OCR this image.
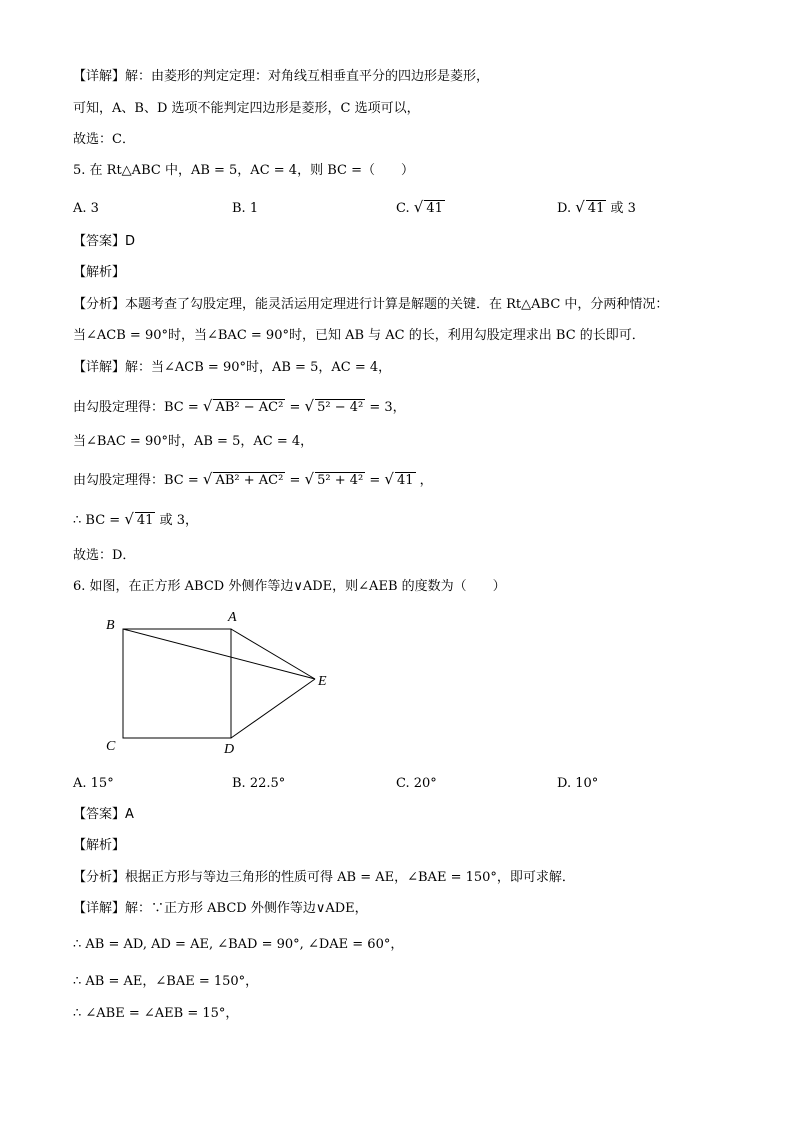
【详解】解：由菱形的判定定理：对角线互相垂直平分的四边形是菱形，
可知，A、B、D 选项不能判定四边形是菱形，C 选项可以，
故选：C．
5. 在 Rt△ABC 中，AB = 5，AC = 4，则 BC =（　　）
A. 3	B. 1	C. √ 41	D. √ 41 或 3
【答案】D
【解析】
【分析】本题考查了勾股定理，能灵活运用定理进行计算是解题的关键．在 Rt△ABC 中，分两种情况：
当∠ACB = 90°时，当∠BAC = 90°时，已知 AB 与 AC 的长，利用勾股定理求出 BC 的长即可．
【详解】解：当∠ACB = 90°时，AB = 5，AC = 4，
由勾股定理得：BC = √ AB² − AC² = √ 5² − 4² = 3，
当∠BAC = 90°时，AB = 5，AC = 4，
由勾股定理得：BC = √ AB² + AC² = √ 5² + 4² = √ 41 ，
∴ BC = √ 41 或 3，
故选：D．
6. 如图，在正方形 ABCD 外侧作等边∨ADE，则∠AEB 的度数为（　　）
B
A
E
C	D
A. 15°	B. 22.5°	C. 20°	D. 10°
【答案】A
【解析】
【分析】根据正方形与等边三角形的性质可得 AB = AE，∠BAE = 150°，即可求解．
【详解】解：∵正方形 ABCD 外侧作等边∨ADE，
∴ AB = AD, AD = AE, ∠BAD = 90°, ∠DAE = 60°，
∴ AB = AE，∠BAE = 150°，
∴ ∠ABE = ∠AEB = 15°，
